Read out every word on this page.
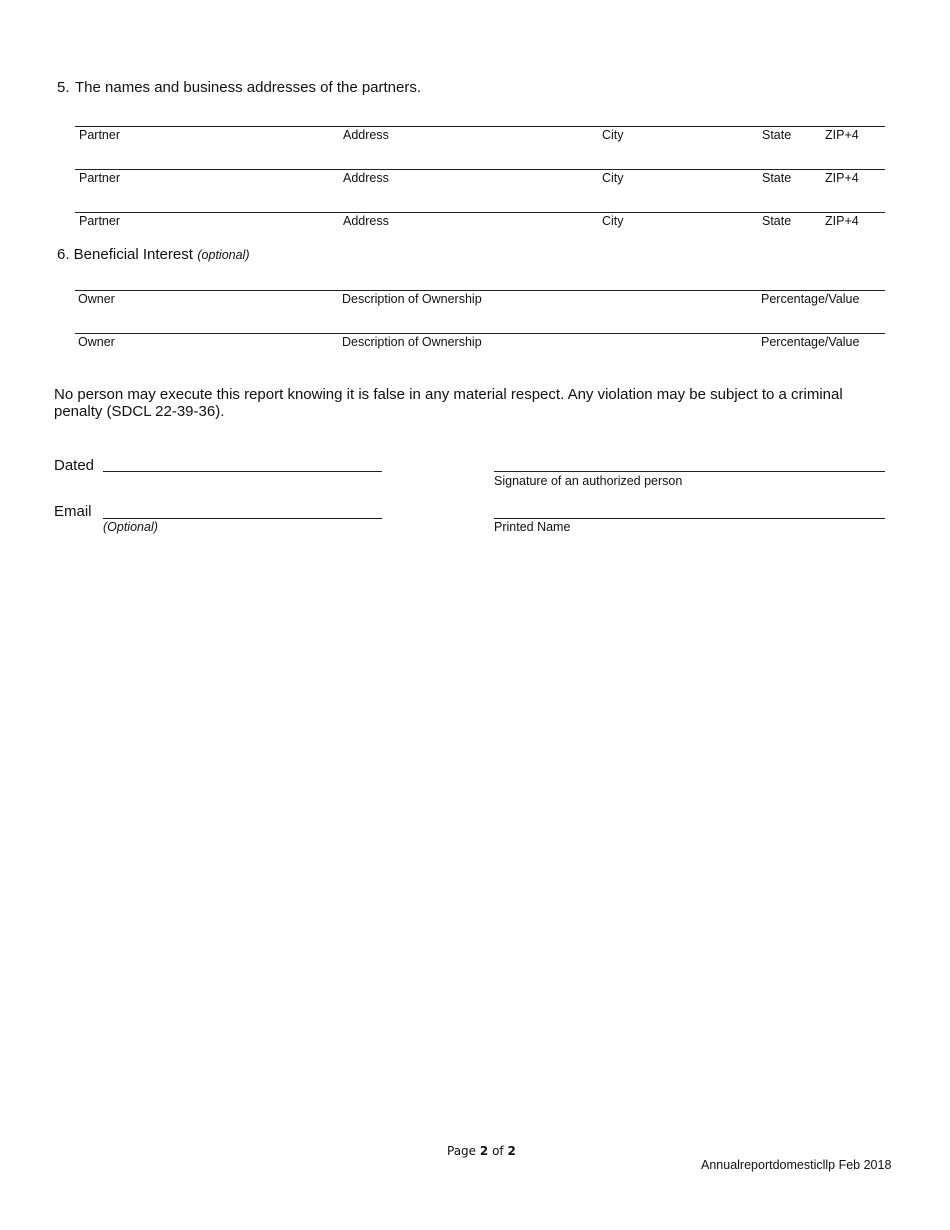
5. The names and business addresses of the partners.
Partner	Address	City	State	ZIP+4
Partner	Address	City	State	ZIP+4
Partner	Address	City	State	ZIP+4
6. Beneficial Interest (optional)
Owner	Description of Ownership	Percentage/Value
Owner	Description of Ownership	Percentage/Value
No person may execute this report knowing it is false in any material respect. Any violation may be subject to a criminal penalty (SDCL 22-39-36).
Dated
Signature of an authorized person
Email
(Optional)	Printed Name
Page 2 of 2
Annualreportdomesticllp Feb 2018
